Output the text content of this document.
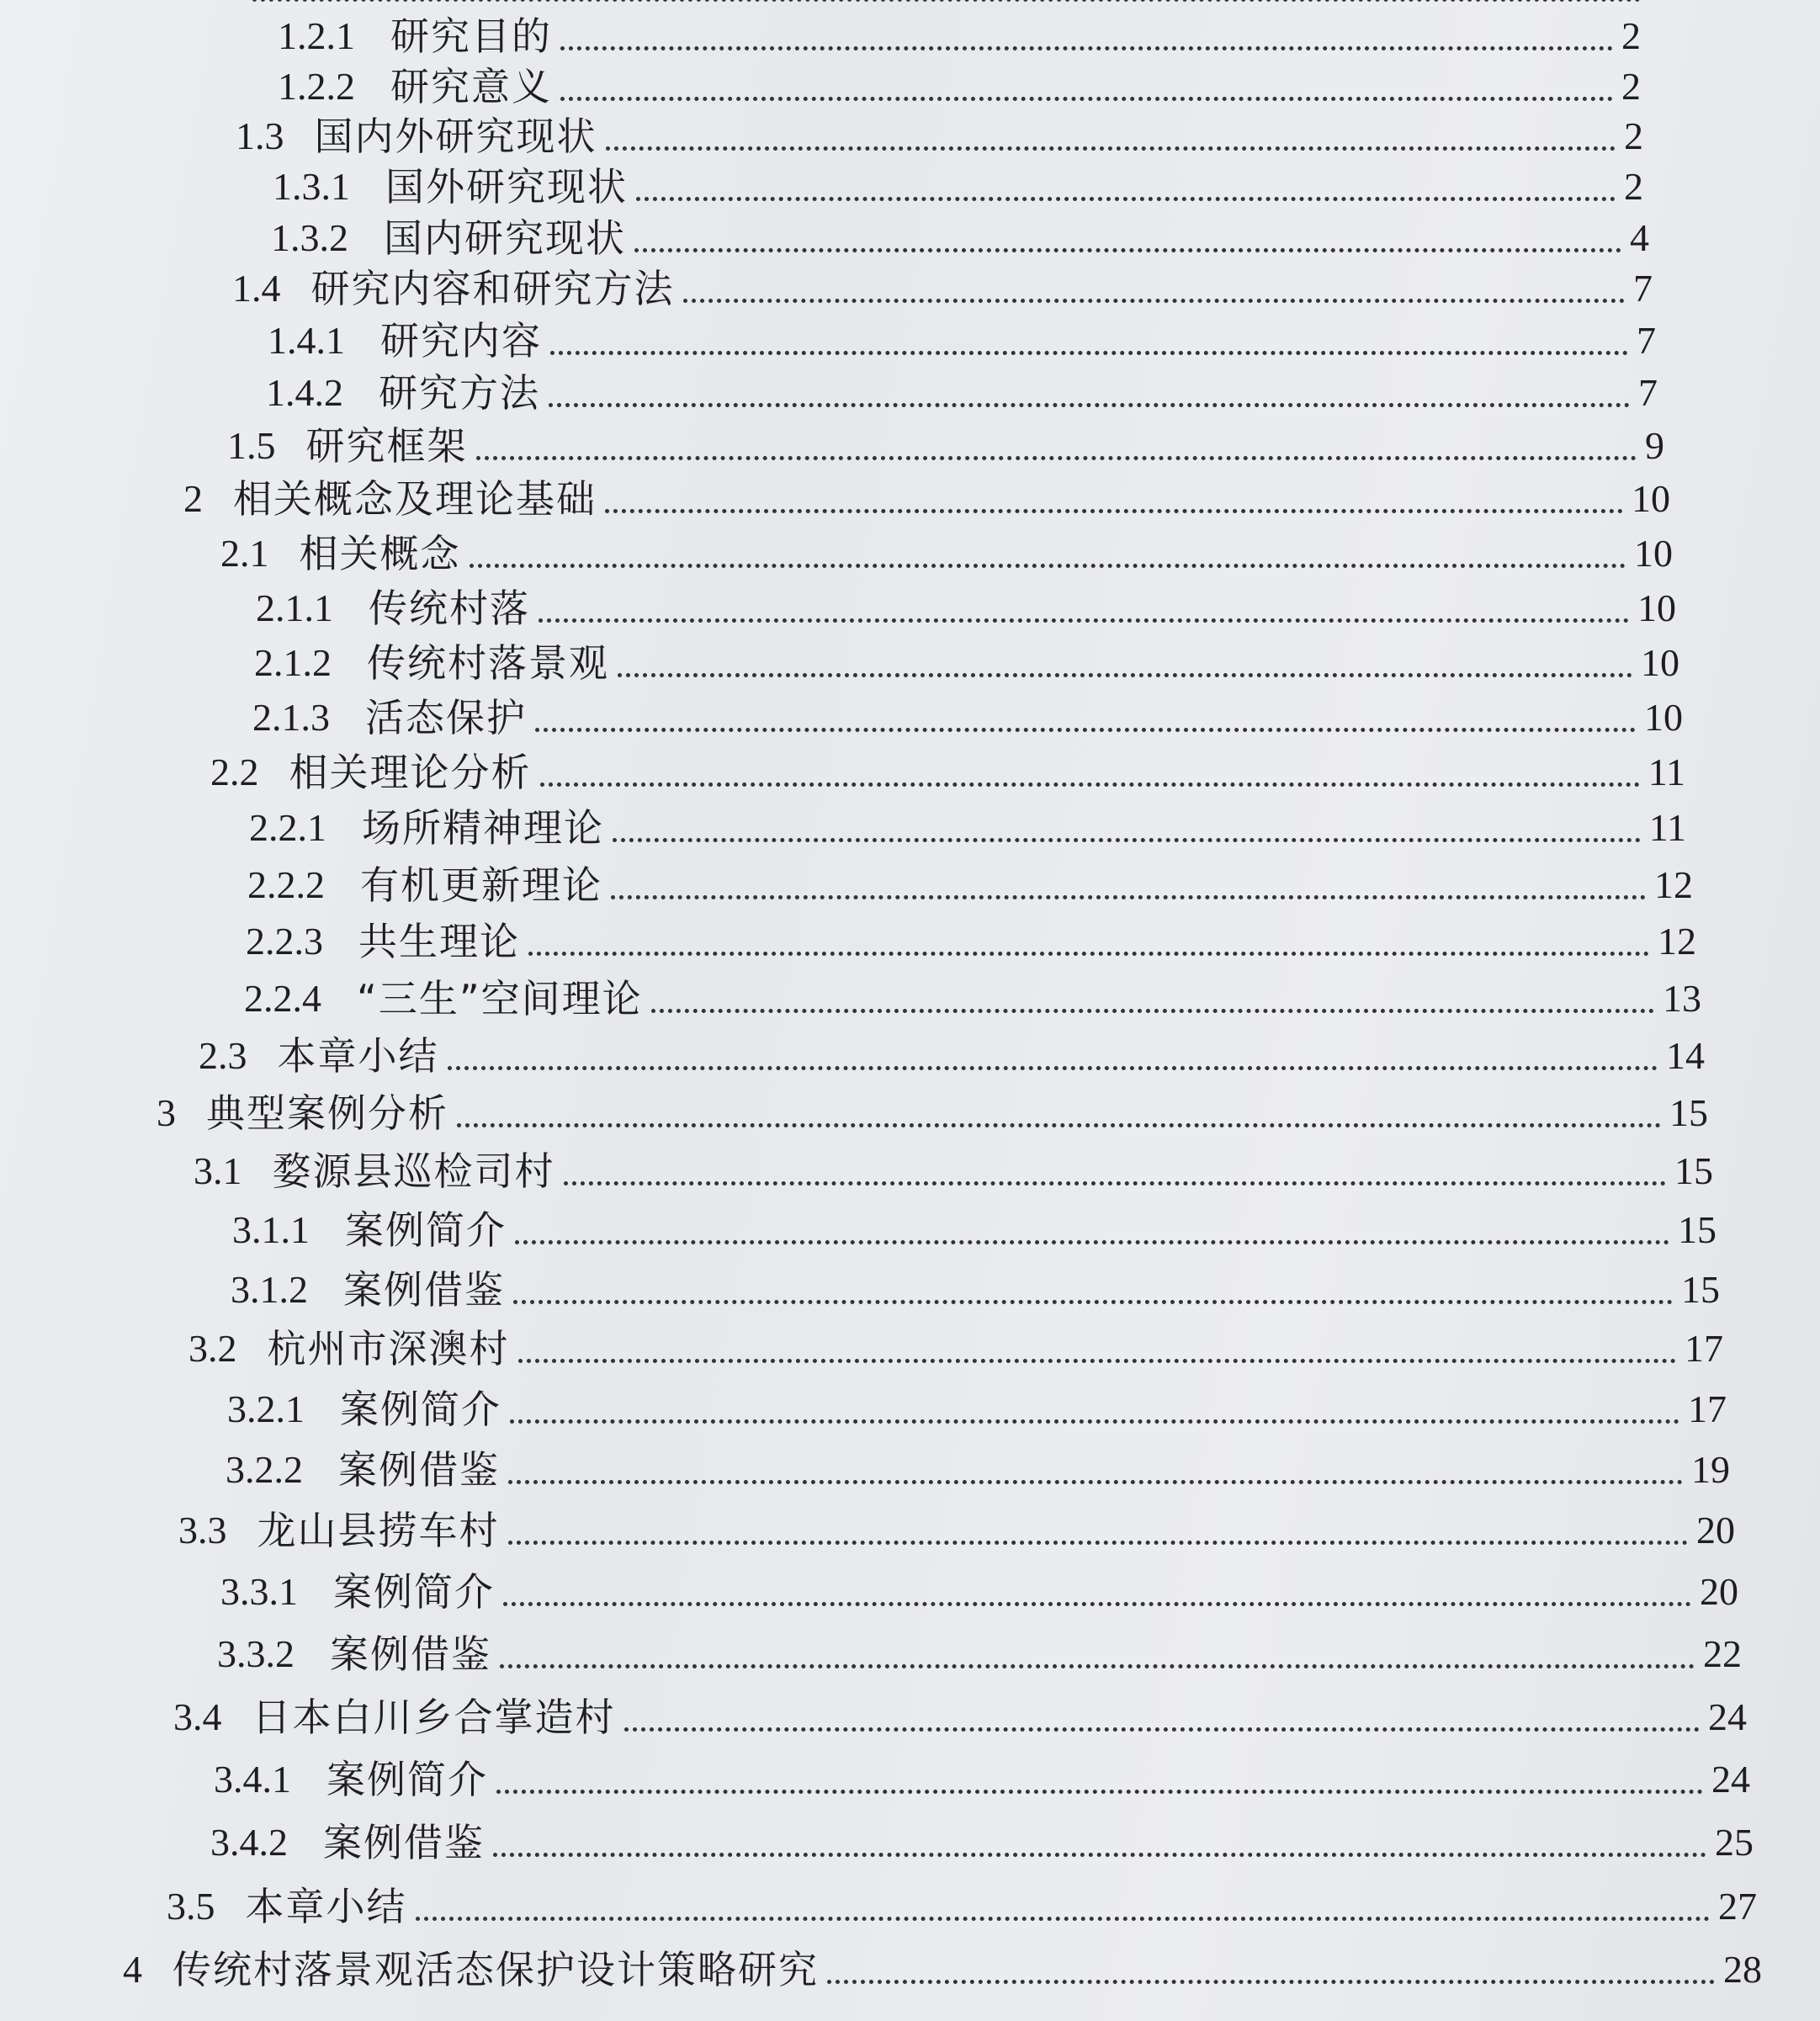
1.2.1 研究目的	2
1.2.2 研究意义	2
1.3 国内外研究现状	2
1.3.1 国外研究现状	2
1.3.2 国内研究现状	4
1.4 研究内容和研究方法	7
1.4.1 研究内容	7
1.4.2 研究方法	7
1.5 研究框架	9
2 相关概念及理论基础	10
2.1 相关概念	10
2.1.1 传统村落	10
2.1.2 传统村落景观	10
2.1.3 活态保护	10
2.2 相关理论分析	11
2.2.1 场所精神理论	11
2.2.2 有机更新理论	12
2.2.3 共生理论	12
2.2.4 “三生”空间理论	13
2.3 本章小结	14
3 典型案例分析	15
3.1 婺源县巡检司村	15
3.1.1 案例简介	15
3.1.2 案例借鉴	15
3.2 杭州市深澳村	17
3.2.1 案例简介	17
3.2.2 案例借鉴	19
3.3 龙山县捞车村	20
3.3.1 案例简介	20
3.3.2 案例借鉴	22
3.4 日本白川乡合掌造村	24
3.4.1 案例简介	24
3.4.2 案例借鉴	25
3.5 本章小结	27
4 传统村落景观活态保护设计策略研究	28
